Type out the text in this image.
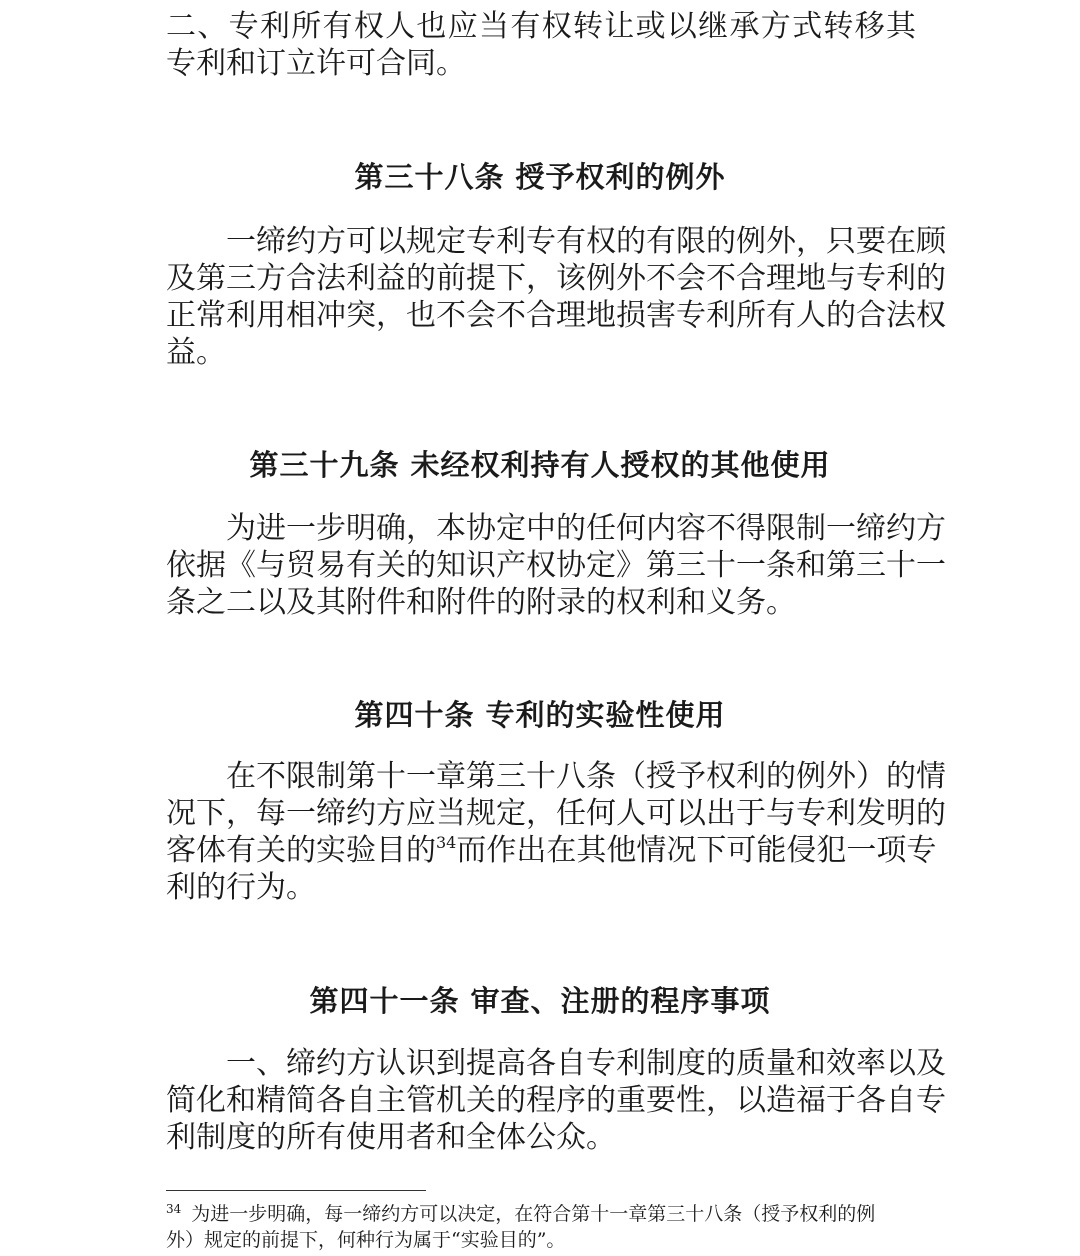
二、专利所有权人也应当有权转让或以继承方式转移其
专利和订立许可合同。
第三十八条 授予权利的例外
一缔约方可以规定专利专有权的有限的例外，只要在顾
及第三方合法利益的前提下，该例外不会不合理地与专利的
正常利用相冲突，也不会不合理地损害专利所有人的合法权
益。
第三十九条 未经权利持有人授权的其他使用
为进一步明确，本协定中的任何内容不得限制一缔约方
依据《与贸易有关的知识产权协定》第三十一条和第三十一
条之二以及其附件和附件的附录的权利和义务。
第四十条 专利的实验性使用
在不限制第十一章第三十八条（授予权利的例外）的情
况下，每一缔约方应当规定，任何人可以出于与专利发明的
客体有关的实验目的$^{34}$而作出在其他情况下可能侵犯一项专
利的行为。
第四十一条 审查、注册的程序事项
一、缔约方认识到提高各自专利制度的质量和效率以及
简化和精简各自主管机关的程序的重要性，以造福于各自专
利制度的所有使用者和全体公众。
$^{34}$ 为进一步明确，每一缔约方可以决定，在符合第十一章第三十八条（授予权利的例
外）规定的前提下，何种行为属于“实验目的”。
